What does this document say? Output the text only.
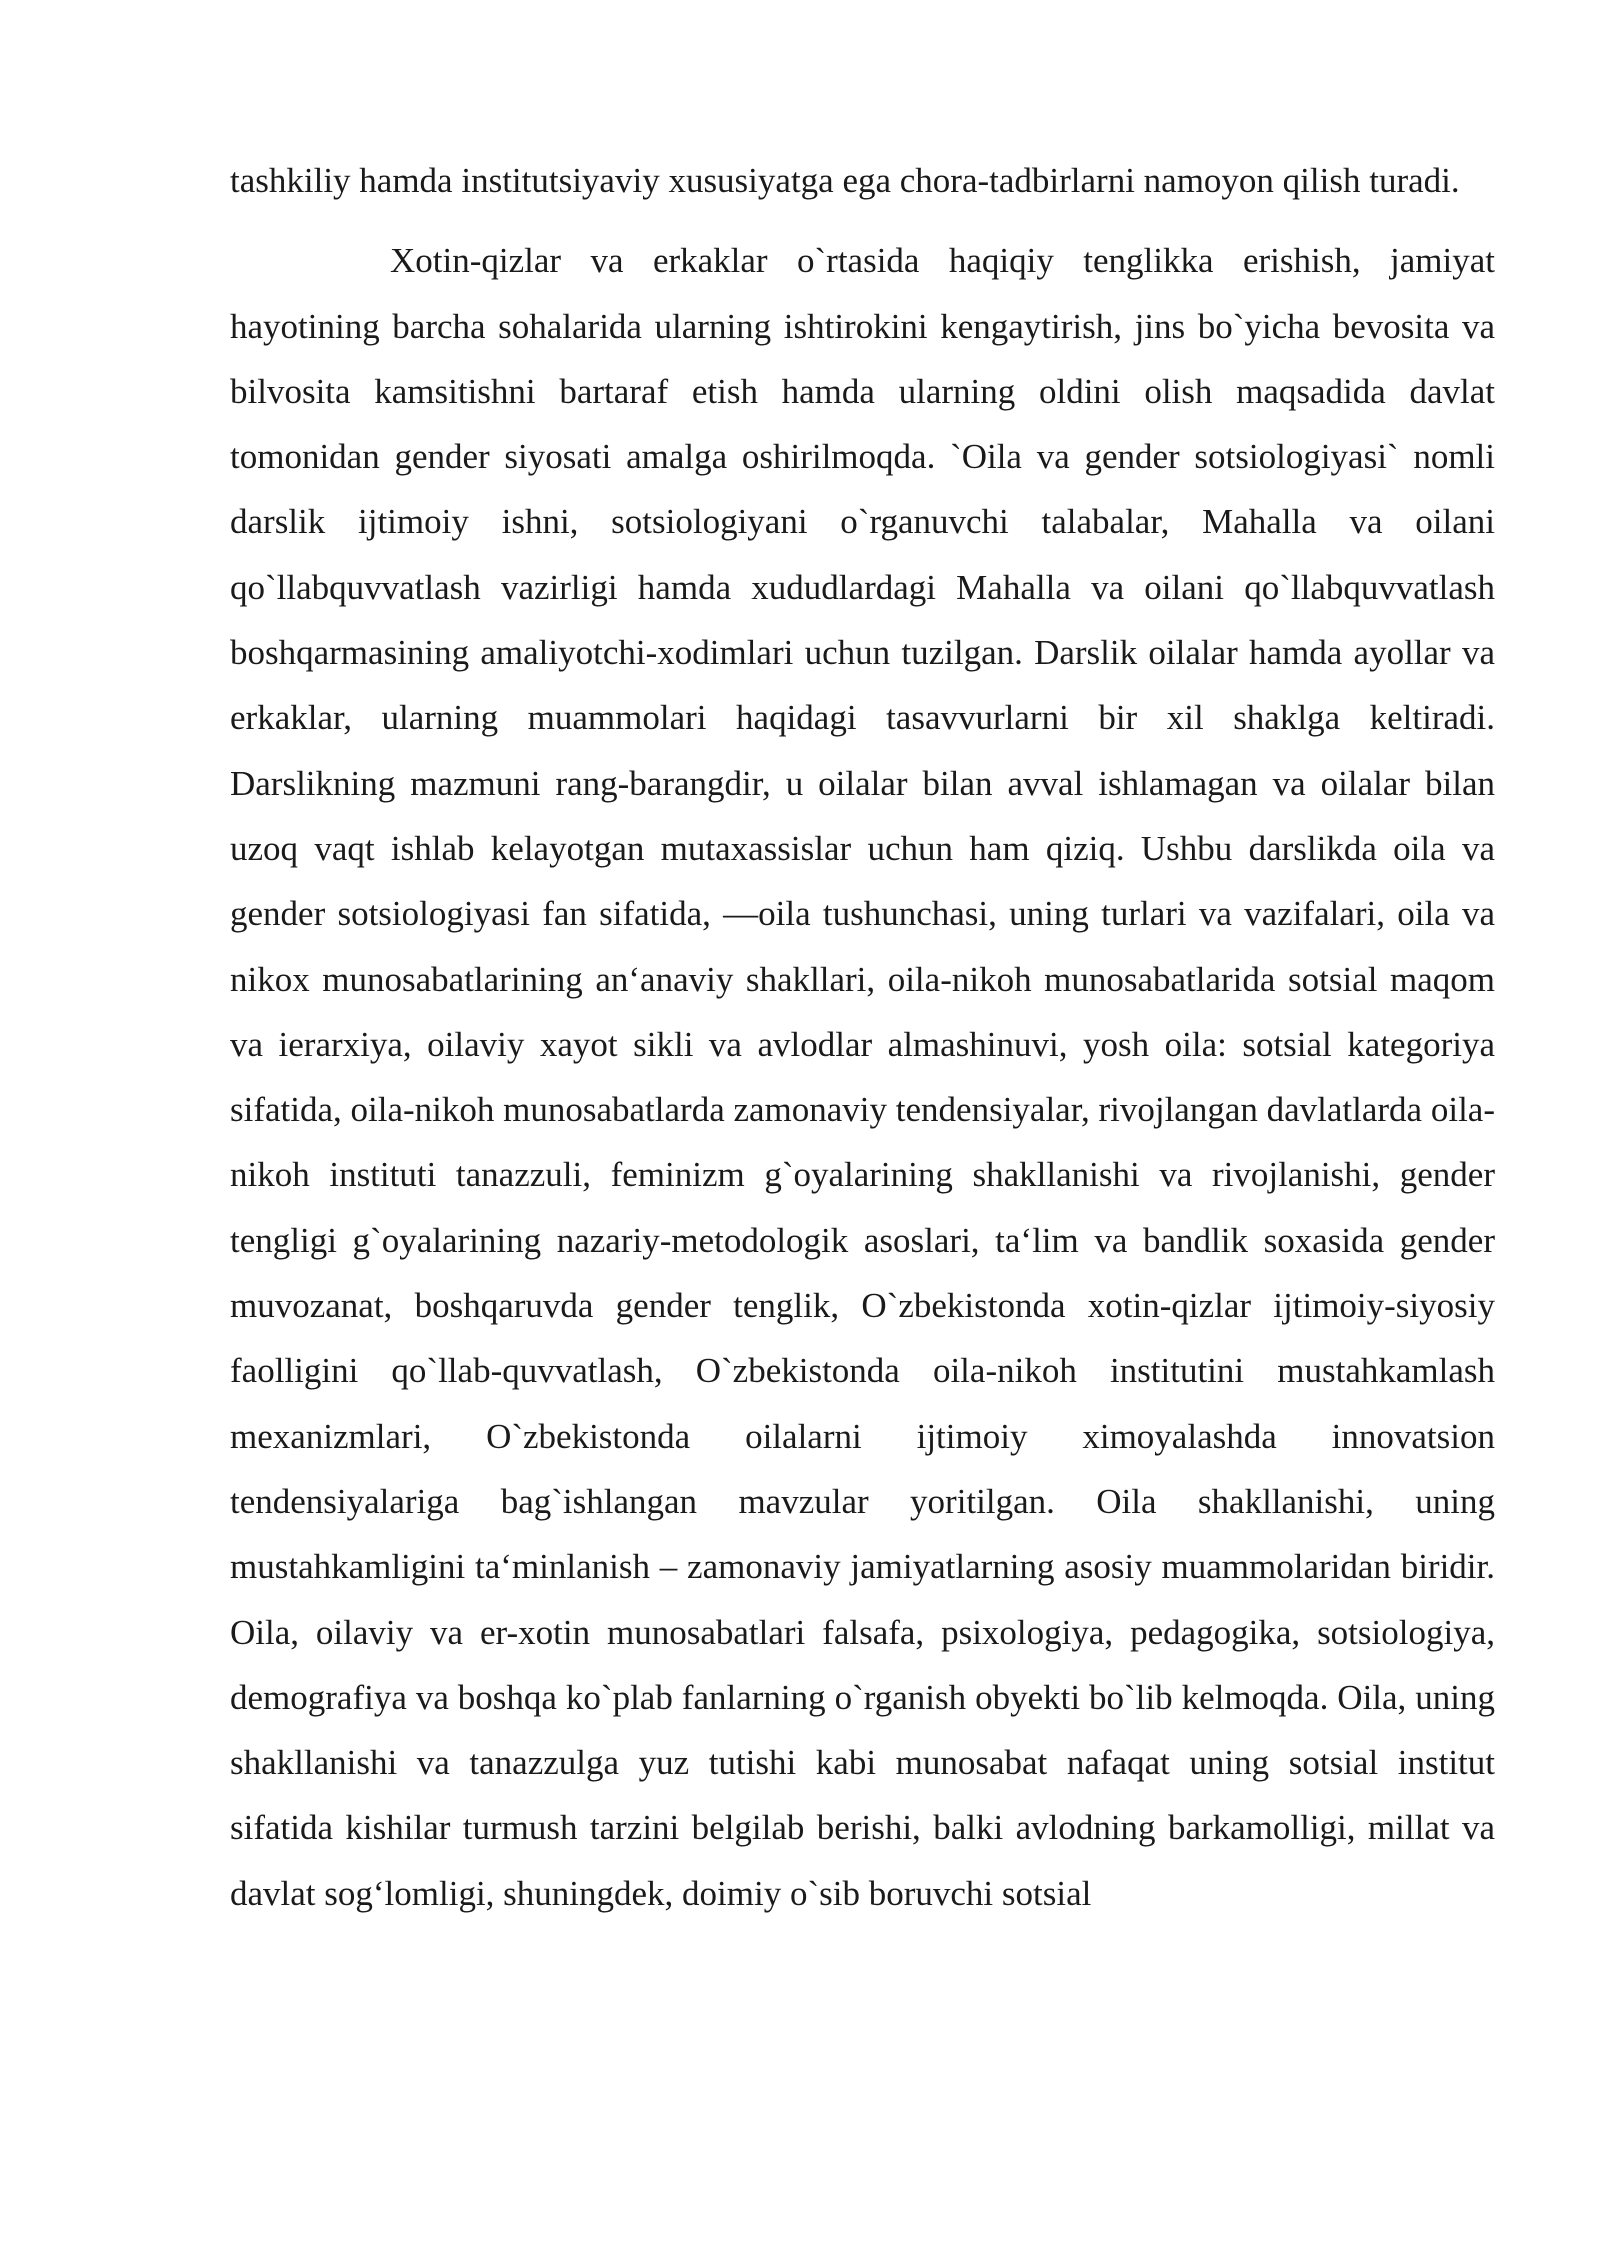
tashkiliy hamda institutsiyaviy xususiyatga ega chora-tadbirlarni namoyon qilish turadi.

Xotin-qizlar va erkaklar o`rtasida haqiqiy tenglikka erishish, jamiyat hayotining barcha sohalarida ularning ishtirokini kengaytirish, jins bo`yicha bevosita va bilvosita kamsitishni bartaraf etish hamda ularning oldini olish maqsadida davlat tomonidan gender siyosati amalga oshirilmoqda. `Oila va gender sotsiologiyasi` nomli darslik ijtimoiy ishni, sotsiologiyani o`rganuvchi talabalar, Mahalla va oilani qo`llabquvvatlash vazirligi hamda xududlardagi Mahalla va oilani qo`llabquvvatlash boshqarmasining amaliyotchi-xodimlari uchun tuzilgan. Darslik oilalar hamda ayollar va erkaklar, ularning muammolari haqidagi tasavvurlarni bir xil shaklga keltiradi. Darslikning mazmuni rang-barangdir, u oilalar bilan avval ishlamagan va oilalar bilan uzoq vaqt ishlab kelayotgan mutaxassislar uchun ham qiziq. Ushbu darslikda oila va gender sotsiologiyasi fan sifatida, ―oila tushunchasi, uning turlari va vazifalari, oila va nikox munosabatlarining an‘anaviy shakllari, oila-nikoh munosabatlarida sotsial maqom va ierarxiya, oilaviy xayot sikli va avlodlar almashinuvi, yosh oila: sotsial kategoriya sifatida, oila-nikoh munosabatlarda zamonaviy tendensiyalar, rivojlangan davlatlarda oila-nikoh instituti tanazzuli, feminizm g`oyalarining shakllanishi va rivojlanishi, gender tengligi g`oyalarining nazariy-metodologik asoslari, ta‘lim va bandlik soxasida gender muvozanat, boshqaruvda gender tenglik, O`zbekistonda xotin-qizlar ijtimoiy-siyosiy faolligini qo`llab-quvvatlash, O`zbekistonda oila-nikoh institutini mustahkamlash mexanizmlari, O`zbekistonda oilalarni ijtimoiy ximoyalashda innovatsion tendensiyalariga bag`ishlangan mavzular yoritilgan. Oila shakllanishi, uning mustahkamligini ta‘minlanish – zamonaviy jamiyatlarning asosiy muammolaridan biridir. Oila, oilaviy va er-xotin munosabatlari falsafa, psixologiya, pedagogika, sotsiologiya, demografiya va boshqa ko`plab fanlarning o`rganish obyekti bo`lib kelmoqda. Oila, uning shakllanishi va tanazzulga yuz tutishi kabi munosabat nafaqat uning sotsial institut sifatida kishilar turmush tarzini belgilab berishi, balki avlodning barkamolligi, millat va davlat sog‘lomligi, shuningdek, doimiy o`sib boruvchi sotsial
